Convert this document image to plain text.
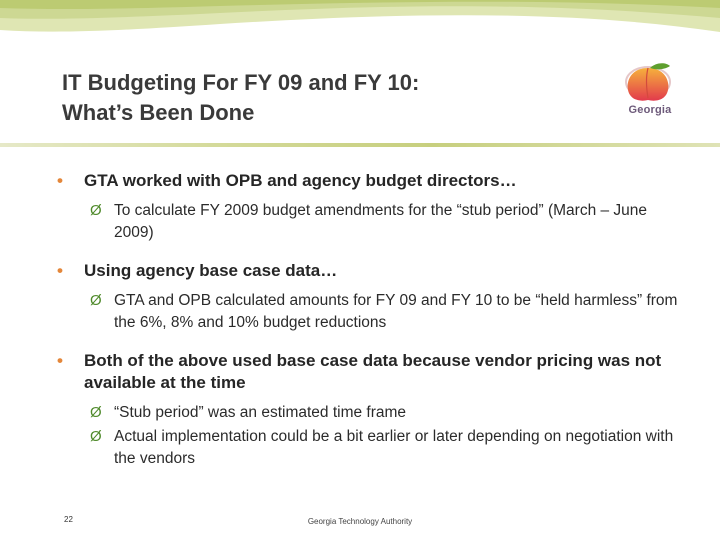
IT Budgeting For FY 09 and FY 10:
What’s Been Done	Georgia
• GTA worked with OPB and agency budget directors…
Ø To calculate FY 2009 budget amendments for the “stub period” (March – June 2009)
• Using agency base case data…
Ø GTA and OPB calculated amounts for FY 09 and FY 10 to be “held harmless” from the 6%, 8% and 10% budget reductions
• Both of the above used base case data because vendor pricing was not available at the time
Ø “Stub period” was an estimated time frame
Ø Actual implementation could be a bit earlier or later depending on negotiation with the vendors
22	Georgia Technology Authority
